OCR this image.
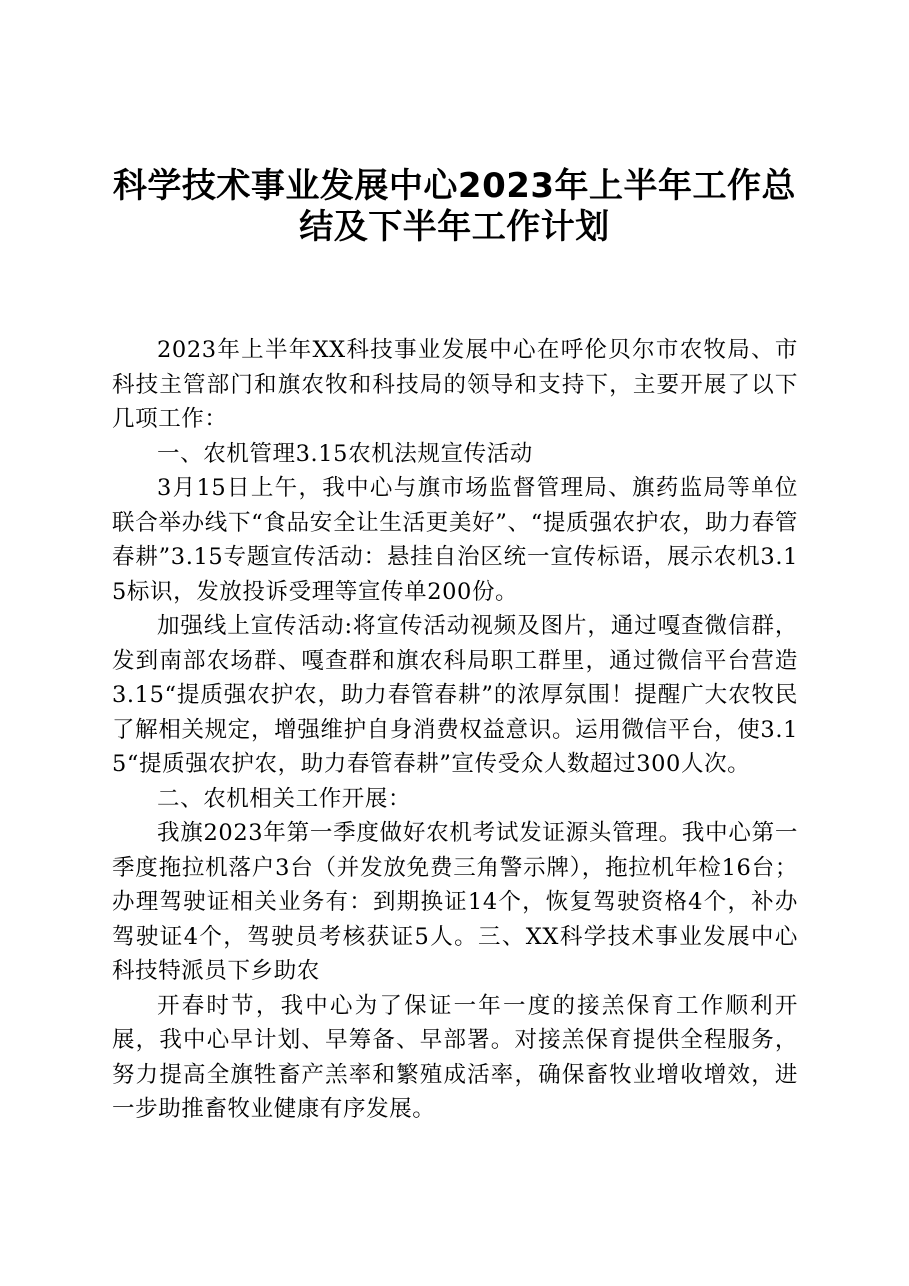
科学技术事业发展中心2023年上半年工作总
结及下半年工作计划

2023年上半年XX科技事业发展中心在呼伦贝尔市农牧局、市科技主管部门和旗农牧和科技局的领导和支持下，主要开展了以下几项工作：

一、农机管理3.15农机法规宣传活动

3月15日上午，我中心与旗市场监督管理局、旗药监局等单位联合举办线下“食品安全让生活更美好”、“提质强农护农，助力春管春耕”3.15专题宣传活动：悬挂自治区统一宣传标语，展示农机3.15标识，发放投诉受理等宣传单200份。

加强线上宣传活动:将宣传活动视频及图片，通过嘎查微信群，发到南部农场群、嘎查群和旗农科局职工群里，通过微信平台营造3.15“提质强农护农，助力春管春耕”的浓厚氛围！提醒广大农牧民了解相关规定，增强维护自身消费权益意识。运用微信平台，使3.15“提质强农护农，助力春管春耕”宣传受众人数超过300人次。

二、农机相关工作开展：

我旗2023年第一季度做好农机考试发证源头管理。我中心第一季度拖拉机落户3台（并发放免费三角警示牌），拖拉机年检16台；办理驾驶证相关业务有：到期换证14个，恢复驾驶资格4个，补办驾驶证4个，驾驶员考核获证5人。三、XX科学技术事业发展中心科技特派员下乡助农

开春时节，我中心为了保证一年一度的接羔保育工作顺利开展，我中心早计划、早筹备、早部署。对接羔保育提供全程服务，努力提高全旗牲畜产羔率和繁殖成活率，确保畜牧业增收增效，进一步助推畜牧业健康有序发展。
